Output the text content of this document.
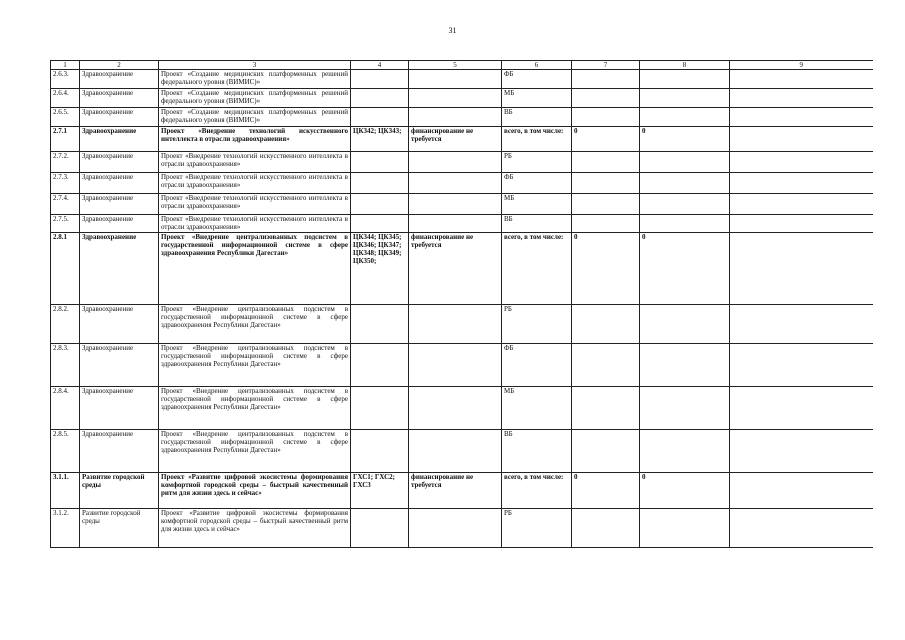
31
1	2	3	4	5	6	7	8	9
2.6.3.	Здравоохранение	Проект «Создание медицинских платформенных решений федерального уровня (ВИМИС)»			ФБ			
2.6.4.	Здравоохранение	Проект «Создание медицинских платформенных решений федерального уровня (ВИМИС)»			МБ			
2.6.5.	Здравоохранение	Проект «Создание медицинских платформенных решений федерального уровня (ВИМИС)»			ВБ			
2.7.1	Здравоохранение	Проект «Внедрение технологий искусственного интеллекта в отрасли здравоохранения»	ЦК342; ЦК343;	финансирование не требуется	всего, в том числе:	0	0	
2.7.2.	Здравоохранение	Проект «Внедрение технологий искусственного интеллекта в отрасли здравоохранения»			РБ			
2.7.3.	Здравоохранение	Проект «Внедрение технологий искусственного интеллекта в отрасли здравоохранения»			ФБ			
2.7.4.	Здравоохранение	Проект «Внедрение технологий искусственного интеллекта в отрасли здравоохранения»			МБ			
2.7.5.	Здравоохранение	Проект «Внедрение технологий искусственного интеллекта в отрасли здравоохранения»			ВБ			
2.8.1	Здравоохранение	Проект «Внедрение централизованных подсистем в государственной информационной системе в сфере здравоохранения Республики Дагестан»	ЦК344; ЦК345; ЦК346; ЦК347; ЦК348; ЦК349; ЦК350;	финансирование не требуется	всего, в том числе:	0	0	
2.8.2.	Здравоохранение	Проект «Внедрение централизованных подсистем в государственной информационной системе в сфере здравоохранения Республики Дагестан»			РБ			
2.8.3.	Здравоохранение	Проект «Внедрение централизованных подсистем в государственной информационной системе в сфере здравоохранения Республики Дагестан»			ФБ			
2.8.4.	Здравоохранение	Проект «Внедрение централизованных подсистем в государственной информационной системе в сфере здравоохранения Республики Дагестан»			МБ			
2.8.5.	Здравоохранение	Проект «Внедрение централизованных подсистем в государственной информационной системе в сфере здравоохранения Республики Дагестан»			ВБ			
3.1.1.	Развитие городской среды	Проект «Развитие цифровой экосистемы формирования комфортной городской среды – быстрый качественный ритм для жизни здесь и сейчас»	ГХС1; ГХС2; ГХС3	финансирование не требуется	всего, в том числе:	0	0	
3.1.2.	Развитие городской среды	Проект «Развитие цифровой экосистемы формирования комфортной городской среды – быстрый качественный ритм для жизни здесь и сейчас»			РБ			
